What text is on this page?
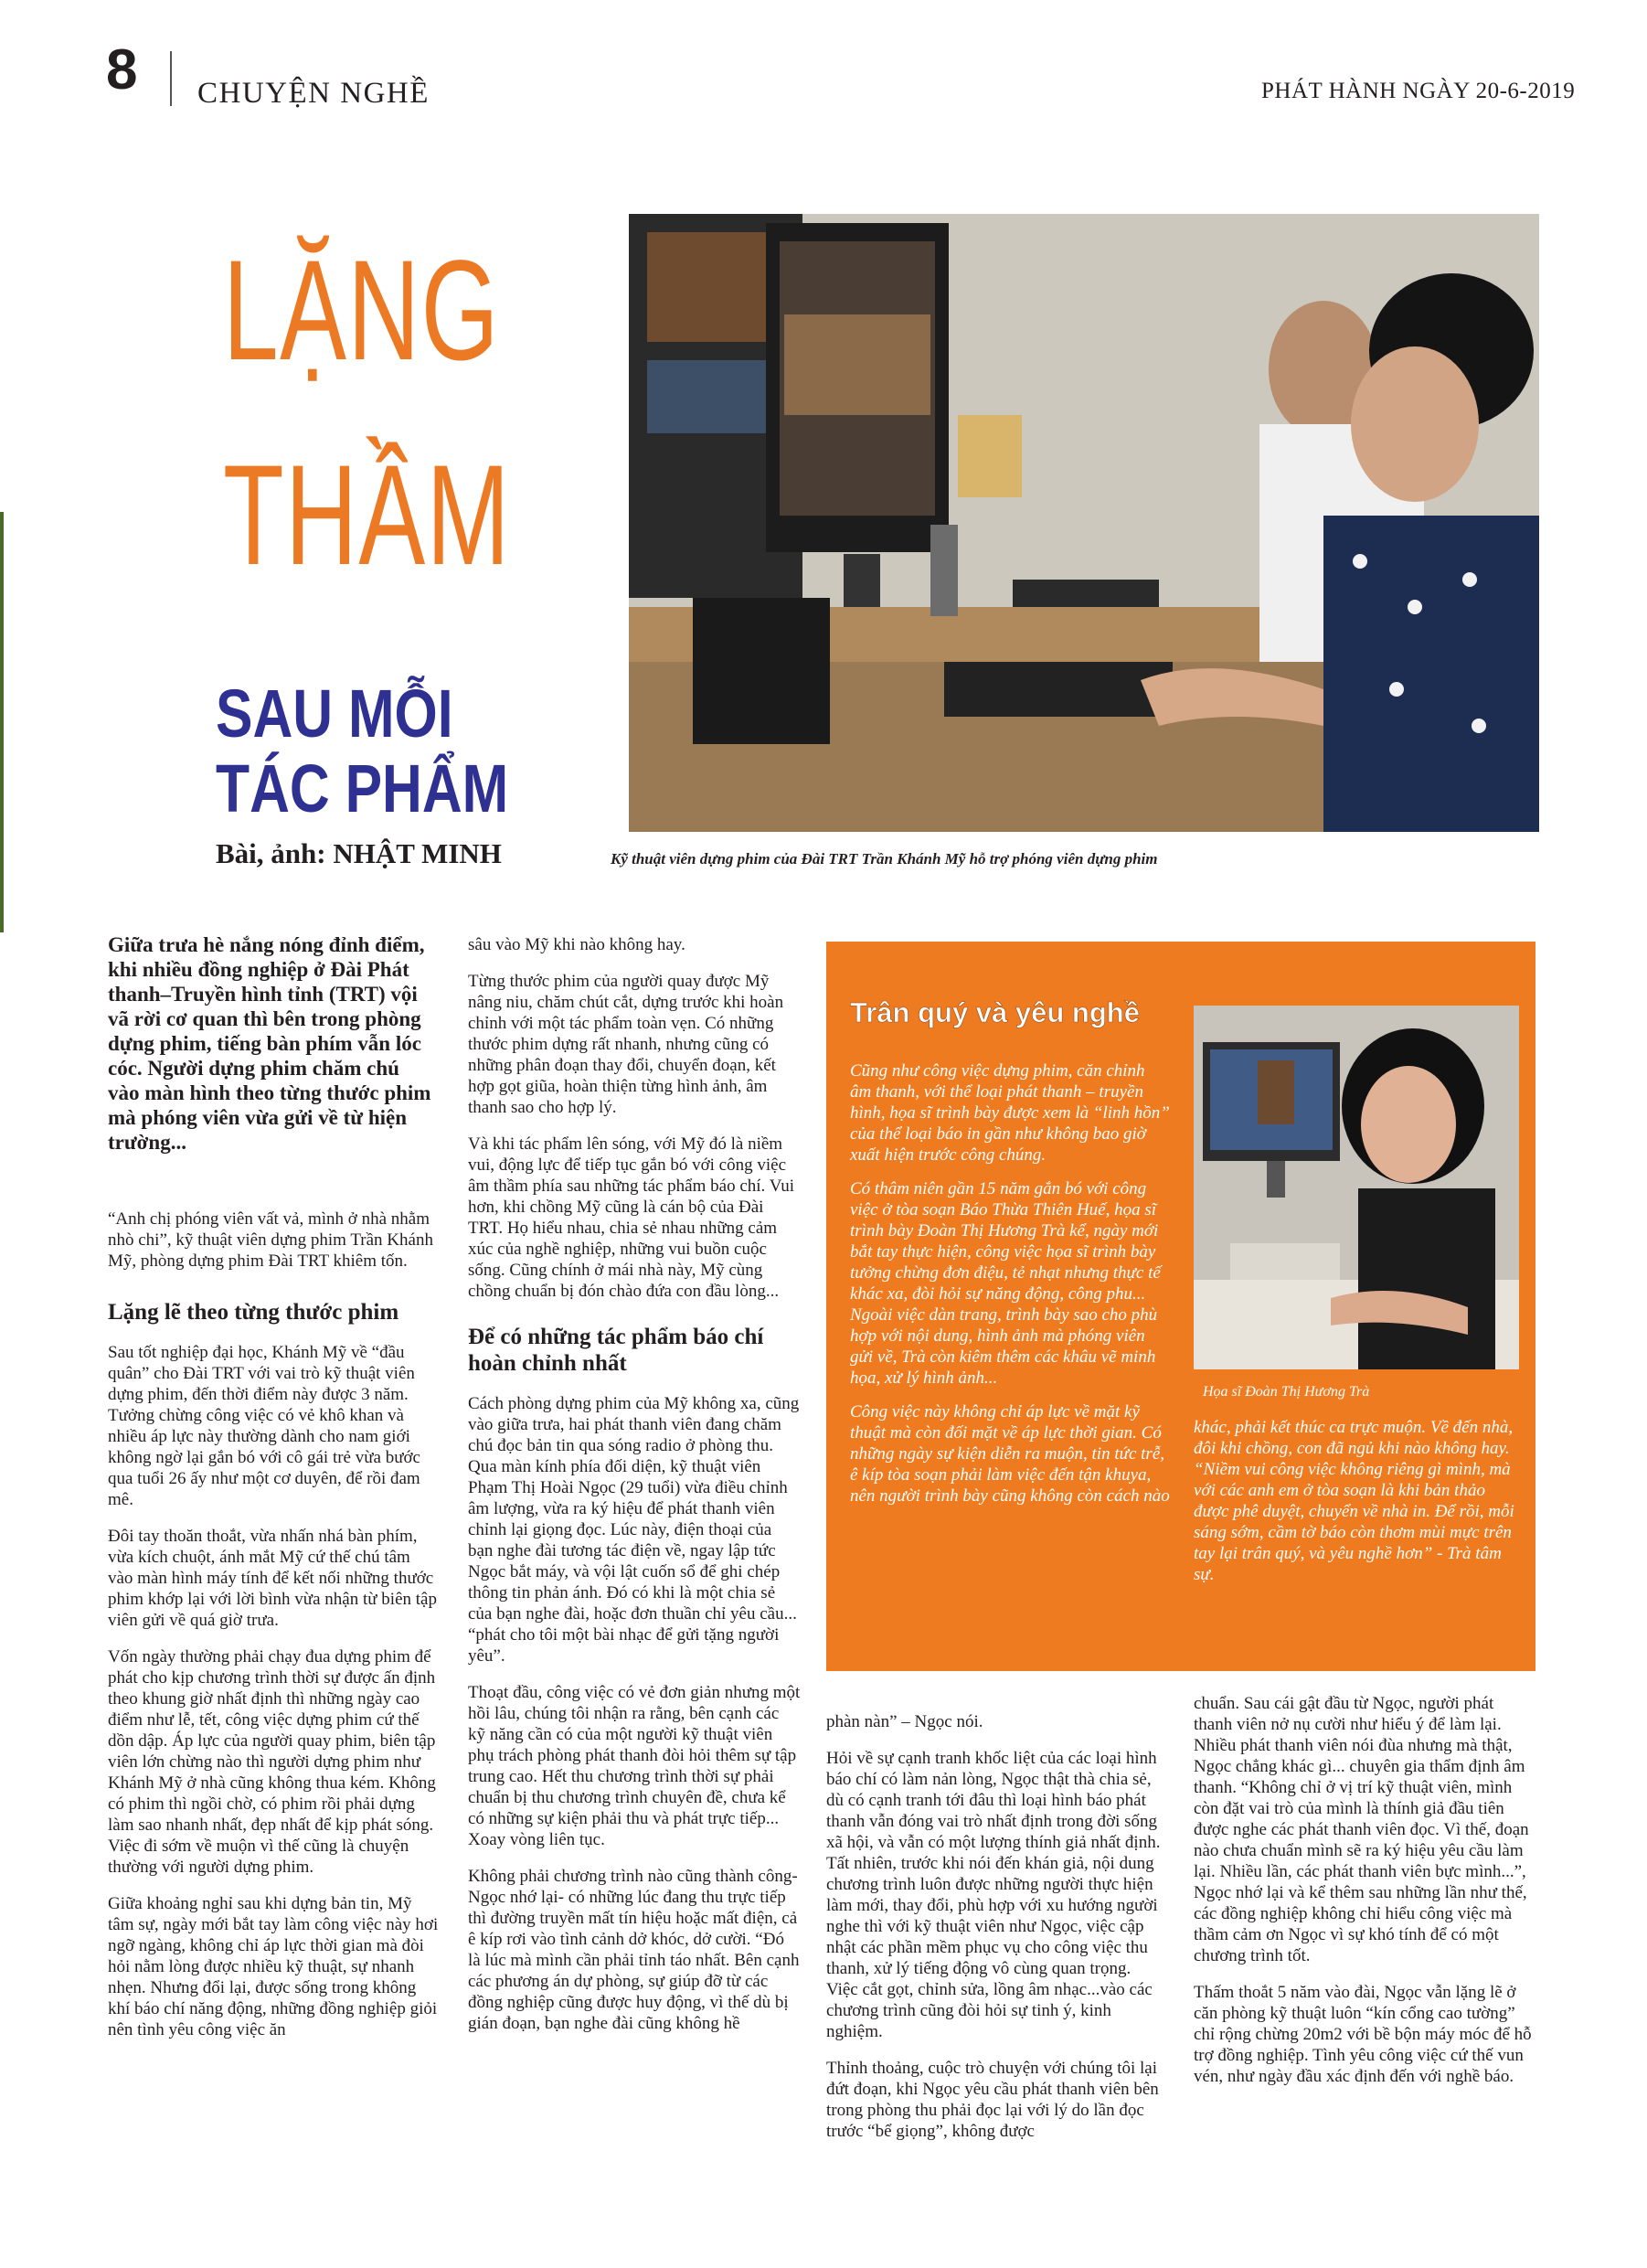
8 CHUYỆN NGHỀ	PHÁT HÀNH NGÀY 20-6-2019
LẶNG
THẦM
SAU MỖI
TÁC PHẨM
Bài, ảnh: NHẬT MINH	Kỹ thuật viên dựng phim của Đài TRT Trần Khánh Mỹ hỗ trợ phóng viên dựng phim
Giữa trưa hè nắng nóng đỉnh điểm, khi nhiều đồng nghiệp ở Đài Phát thanh–Truyền hình tỉnh (TRT) vội vã rời cơ quan thì bên trong phòng dựng phim, tiếng bàn phím vẫn lóc cóc. Người dựng phim chăm chú vào màn hình theo từng thước phim mà phóng viên vừa gửi về từ hiện trường...

“Anh chị phóng viên vất vả, mình ở nhà nhằm nhò chi”, kỹ thuật viên dựng phim Trần Khánh Mỹ, phòng dựng phim Đài TRT khiêm tốn.

Lặng lẽ theo từng thước phim

Sau tốt nghiệp đại học, Khánh Mỹ về “đầu quân” cho Đài TRT với vai trò kỹ thuật viên dựng phim, đến thời điểm này được 3 năm. Tưởng chừng công việc có vẻ khô khan và nhiều áp lực này thường dành cho nam giới không ngờ lại gắn bó với cô gái trẻ vừa bước qua tuổi 26 ấy như một cơ duyên, để rồi đam mê.

Đôi tay thoăn thoắt, vừa nhấn nhá bàn phím, vừa kích chuột, ánh mắt Mỹ cứ thế chú tâm vào màn hình máy tính để kết nối những thước phim khớp lại với lời bình vừa nhận từ biên tập viên gửi về quá giờ trưa.

Vốn ngày thường phải chạy đua dựng phim để phát cho kịp chương trình thời sự được ấn định theo khung giờ nhất định thì những ngày cao điểm như lễ, tết, công việc dựng phim cứ thế dồn dập. Áp lực của người quay phim, biên tập viên lớn chừng nào thì người dựng phim như Khánh Mỹ ở nhà cũng không thua kém. Không có phim thì ngồi chờ, có phim rồi phải dựng làm sao nhanh nhất, đẹp nhất để kịp phát sóng. Việc đi sớm về muộn vì thế cũng là chuyện thường với người dựng phim.

Giữa khoảng nghỉ sau khi dựng bản tin, Mỹ tâm sự, ngày mới bắt tay làm công việc này hơi ngỡ ngàng, không chỉ áp lực thời gian mà đòi hỏi nằm lòng được nhiều kỹ thuật, sự nhanh nhẹn. Nhưng đổi lại, được sống trong không khí báo chí năng động, những đồng nghiệp giỏi nên tình yêu công việc ăn

sâu vào Mỹ khi nào không hay.

Từng thước phim của người quay được Mỹ nâng niu, chăm chút cắt, dựng trước khi hoàn chỉnh với một tác phẩm toàn vẹn. Có những thước phim dựng rất nhanh, nhưng cũng có những phân đoạn thay đổi, chuyển đoạn, kết hợp gọt giũa, hoàn thiện từng hình ảnh, âm thanh sao cho hợp lý.

Và khi tác phẩm lên sóng, với Mỹ đó là niềm vui, động lực để tiếp tục gắn bó với công việc âm thầm phía sau những tác phẩm báo chí. Vui hơn, khi chồng Mỹ cũng là cán bộ của Đài TRT. Họ hiểu nhau, chia sẻ nhau những cảm xúc của nghề nghiệp, những vui buồn cuộc sống. Cũng chính ở mái nhà này, Mỹ cùng chồng chuẩn bị đón chào đứa con đầu lòng...

Để có những tác phẩm báo chí hoàn chỉnh nhất

Cách phòng dựng phim của Mỹ không xa, cũng vào giữa trưa, hai phát thanh viên đang chăm chú đọc bản tin qua sóng radio ở phòng thu. Qua màn kính phía đối diện, kỹ thuật viên Phạm Thị Hoài Ngọc (29 tuổi) vừa điều chỉnh âm lượng, vừa ra ký hiệu để phát thanh viên chỉnh lại giọng đọc. Lúc này, điện thoại của bạn nghe đài tương tác điện về, ngay lập tức Ngọc bắt máy, và vội lật cuốn sổ để ghi chép thông tin phản ánh. Đó có khi là một chia sẻ của bạn nghe đài, hoặc đơn thuần chỉ yêu cầu... “phát cho tôi một bài nhạc để gửi tặng người yêu”.

Thoạt đầu, công việc có vẻ đơn giản nhưng một hồi lâu, chúng tôi nhận ra rằng, bên cạnh các kỹ năng cần có của một người kỹ thuật viên phụ trách phòng phát thanh đòi hỏi thêm sự tập trung cao. Hết thu chương trình thời sự phải chuẩn bị thu chương trình chuyên đề, chưa kể có những sự kiện phải thu và phát trực tiếp... Xoay vòng liên tục.

Không phải chương trình nào cũng thành công- Ngọc nhớ lại- có những lúc đang thu trực tiếp thì đường truyền mất tín hiệu hoặc mất điện, cả ê kíp rơi vào tình cảnh dở khóc, dở cười. “Đó là lúc mà mình cần phải tỉnh táo nhất. Bên cạnh các phương án dự phòng, sự giúp đỡ từ các đồng nghiệp cũng được huy động, vì thế dù bị gián đoạn, bạn nghe đài cũng không hề

Trân quý và yêu nghề

Cũng như công việc dựng phim, căn chỉnh âm thanh, với thể loại phát thanh – truyền hình, họa sĩ trình bày được xem là “linh hồn” của thể loại báo in gần như không bao giờ xuất hiện trước công chúng.

Có thâm niên gần 15 năm gắn bó với công việc ở tòa soạn Báo Thừa Thiên Huế, họa sĩ trình bày Đoàn Thị Hương Trà kể, ngày mới bắt tay thực hiện, công việc họa sĩ trình bày tưởng chừng đơn điệu, tẻ nhạt nhưng thực tế khác xa, đòi hỏi sự năng động, công phu... Ngoài việc dàn trang, trình bày sao cho phù hợp với nội dung, hình ảnh mà phóng viên gửi về, Trà còn kiêm thêm các khâu vẽ minh họa, xử lý hình ảnh...

Công việc này không chỉ áp lực về mặt kỹ thuật mà còn đối mặt về áp lực thời gian. Có những ngày sự kiện diễn ra muộn, tin tức trễ, ê kíp tòa soạn phải làm việc đến tận khuya, nên người trình bày cũng không còn cách nào

Họa sĩ Đoàn Thị Hương Trà
khác, phải kết thúc ca trực muộn. Về đến nhà, đôi khi chồng, con đã ngủ khi nào không hay. “Niềm vui công việc không riêng gì mình, mà với các anh em ở tòa soạn là khi bản thảo được phê duyệt, chuyển về nhà in. Để rồi, mỗi sáng sớm, cầm tờ báo còn thơm mùi mực trên tay lại trân quý, và yêu nghề hơn” - Trà tâm sự.

phàn nàn” – Ngọc nói.

Hỏi về sự cạnh tranh khốc liệt của các loại hình báo chí có làm nản lòng, Ngọc thật thà chia sẻ, dù có cạnh tranh tới đâu thì loại hình báo phát thanh vẫn đóng vai trò nhất định trong đời sống xã hội, và vẫn có một lượng thính giả nhất định. Tất nhiên, trước khi nói đến khán giả, nội dung chương trình luôn được những người thực hiện làm mới, thay đổi, phù hợp với xu hướng người nghe thì với kỹ thuật viên như Ngọc, việc cập nhật các phần mềm phục vụ cho công việc thu thanh, xử lý tiếng động vô cùng quan trọng. Việc cắt gọt, chỉnh sửa, lồng âm nhạc...vào các chương trình cũng đòi hỏi sự tinh ý, kinh nghiệm.

Thỉnh thoảng, cuộc trò chuyện với chúng tôi lại đứt đoạn, khi Ngọc yêu cầu phát thanh viên bên trong phòng thu phải đọc lại với lý do lần đọc trước “bể giọng”, không được

chuẩn. Sau cái gật đầu từ Ngọc, người phát thanh viên nở nụ cười như hiểu ý để làm lại. Nhiều phát thanh viên nói đùa nhưng mà thật, Ngọc chẳng khác gì... chuyên gia thẩm định âm thanh. “Không chỉ ở vị trí kỹ thuật viên, mình còn đặt vai trò của mình là thính giả đầu tiên được nghe các phát thanh viên đọc. Vì thế, đoạn nào chưa chuẩn mình sẽ ra ký hiệu yêu cầu làm lại. Nhiều lần, các phát thanh viên bực mình...”, Ngọc nhớ lại và kể thêm sau những lần như thế, các đồng nghiệp không chỉ hiểu công việc mà thầm cảm ơn Ngọc vì sự khó tính để có một chương trình tốt.

Thấm thoắt 5 năm vào đài, Ngọc vẫn lặng lẽ ở căn phòng kỹ thuật luôn “kín cổng cao tường” chỉ rộng chừng 20m2 với bề bộn máy móc để hỗ trợ đồng nghiệp. Tình yêu công việc cứ thế vun vén, như ngày đầu xác định đến với nghề báo.
